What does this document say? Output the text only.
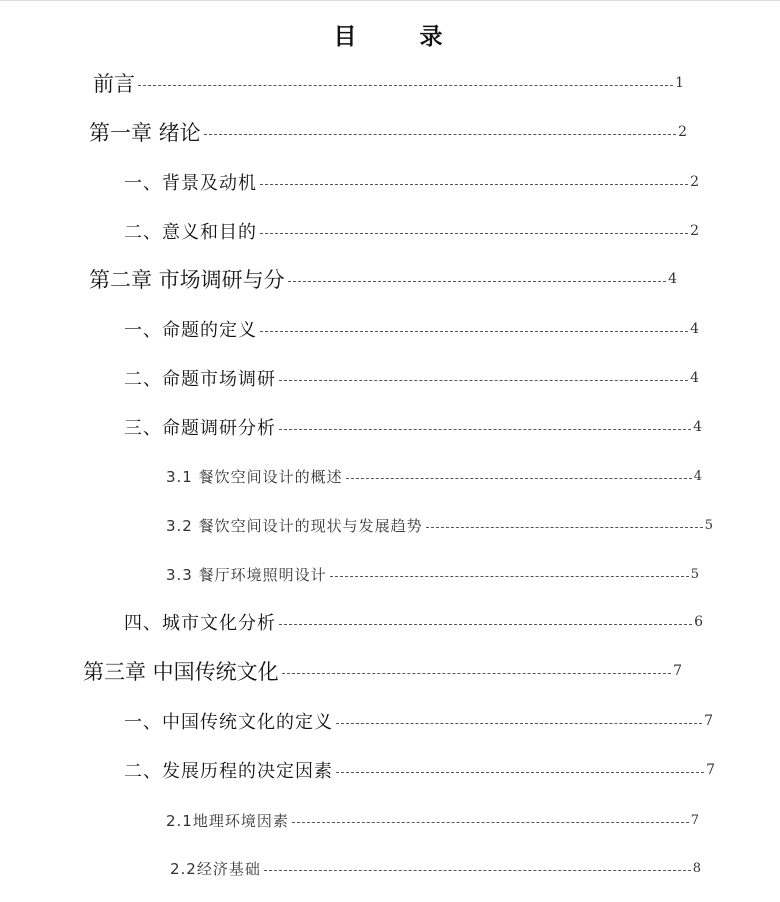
目　录
前言	1
第一章 绪论	2
一、背景及动机	2
二、意义和目的	2
第二章 市场调研与分	4
一、命题的定义	4
二、命题市场调研	4
三、命题调研分析	4
3.1 餐饮空间设计的概述	4
3.2 餐饮空间设计的现状与发展趋势	5
3.3 餐厅环境照明设计	5
四、城市文化分析	6
第三章 中国传统文化	7
一、中国传统文化的定义	7
二、发展历程的决定因素	7
2.1地理环境因素	7
2.2经济基础	8
